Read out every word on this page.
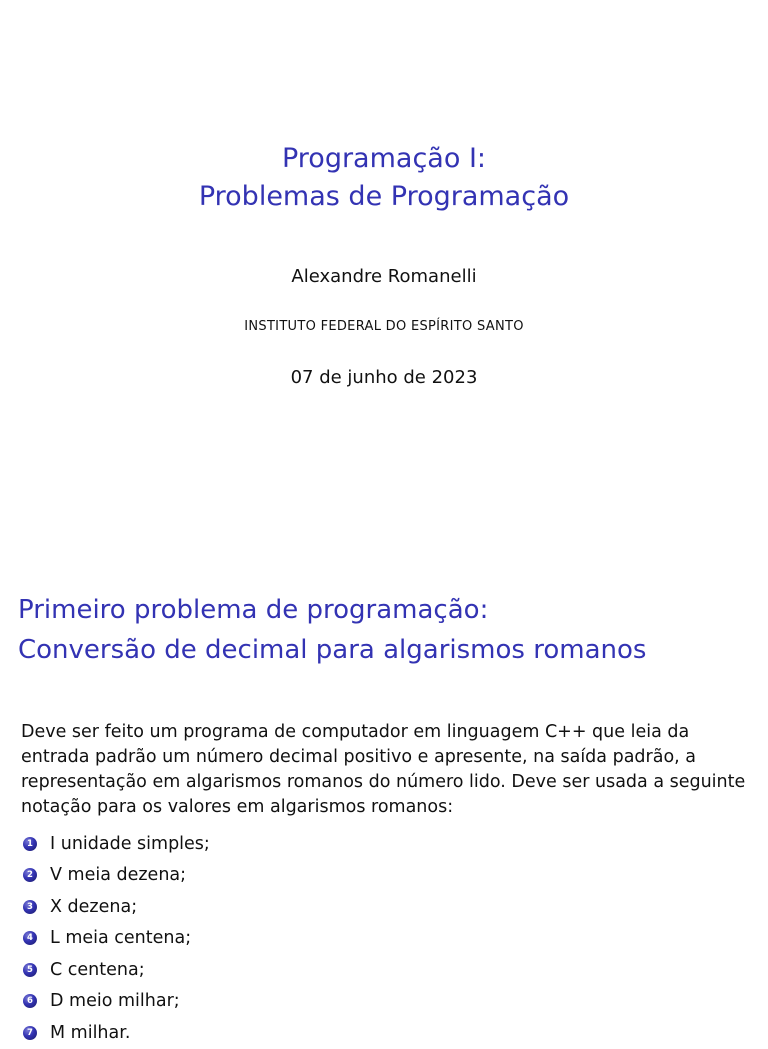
Programação I:
Problemas de Programação
Alexandre Romanelli
INSTITUTO FEDERAL DO ESPÍRITO SANTO
07 de junho de 2023
Primeiro problema de programação:
Conversão de decimal para algarismos romanos
Deve ser feito um programa de computador em linguagem C++ que leia da entrada padrão um número decimal positivo e apresente, na saída padrão, a representação em algarismos romanos do número lido. Deve ser usada a seguinte notação para os valores em algarismos romanos:
1 I unidade simples;
2 V meia dezena;
3 X dezena;
4 L meia centena;
5 C centena;
6 D meio milhar;
7 M milhar.
